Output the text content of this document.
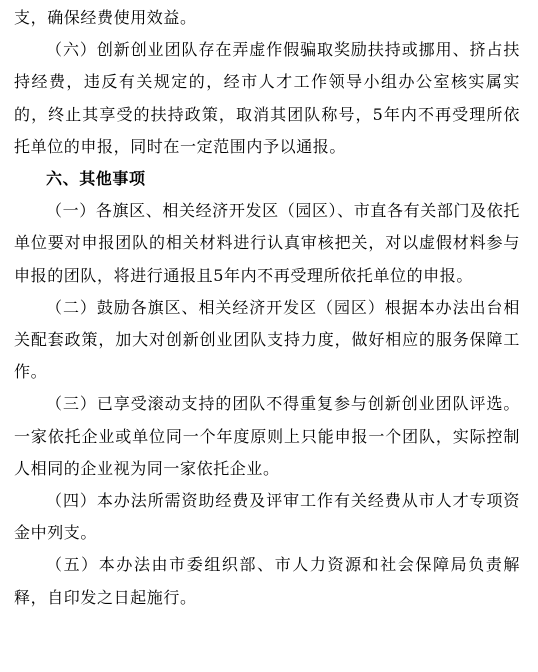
支，确保经费使用效益。

（六）创新创业团队存在弄虚作假骗取奖励扶持或挪用、挤占扶持经费，违反有关规定的，经市人才工作领导小组办公室核实属实的，终止其享受的扶持政策，取消其团队称号，5年内不再受理所依托单位的申报，同时在一定范围内予以通报。

六、其他事项

（一）各旗区、相关经济开发区（园区）、市直各有关部门及依托单位要对申报团队的相关材料进行认真审核把关，对以虚假材料参与申报的团队，将进行通报且5年内不再受理所依托单位的申报。

（二）鼓励各旗区、相关经济开发区（园区）根据本办法出台相关配套政策，加大对创新创业团队支持力度，做好相应的服务保障工作。

（三）已享受滚动支持的团队不得重复参与创新创业团队评选。一家依托企业或单位同一个年度原则上只能申报一个团队，实际控制人相同的企业视为同一家依托企业。

（四）本办法所需资助经费及评审工作有关经费从市人才专项资金中列支。

（五）本办法由市委组织部、市人力资源和社会保障局负责解释，自印发之日起施行。
